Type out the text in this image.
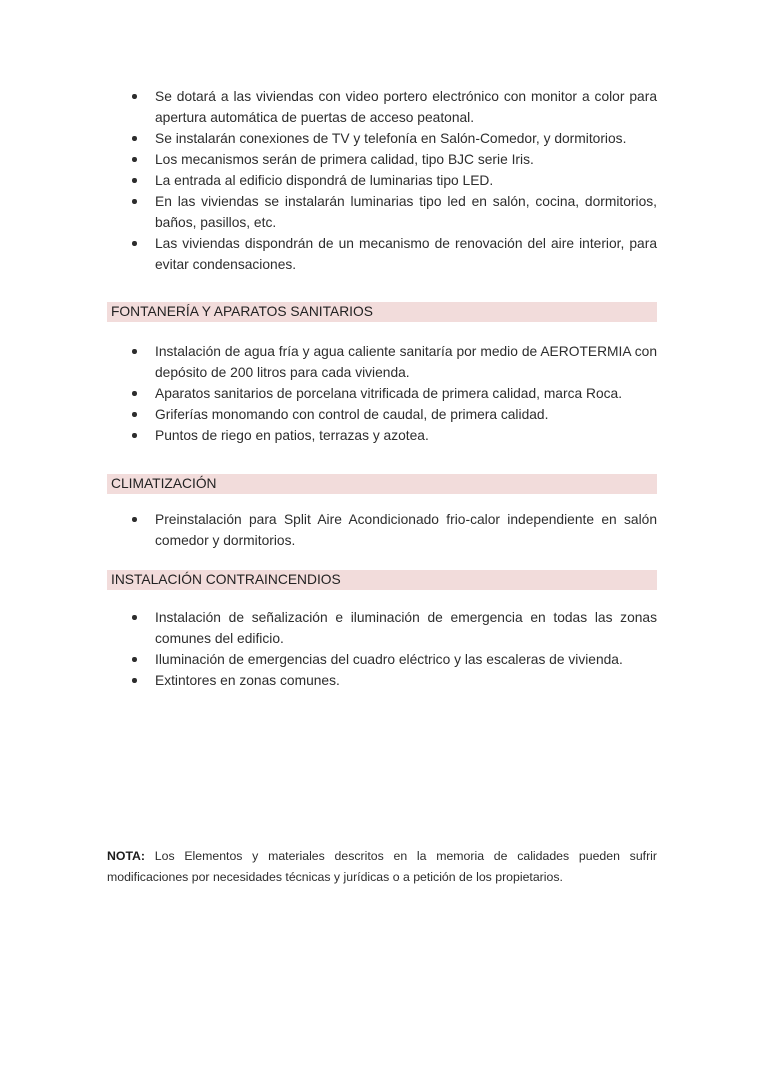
Se dotará a las viviendas con video portero electrónico con monitor a color para apertura automática de puertas de acceso peatonal.
Se instalarán conexiones de TV y telefonía en Salón-Comedor, y dormitorios.
Los mecanismos serán de primera calidad, tipo BJC serie Iris.
La entrada al edificio dispondrá de luminarias tipo LED.
En las viviendas se instalarán luminarias tipo led en salón, cocina, dormitorios, baños, pasillos, etc.
Las viviendas dispondrán de un mecanismo de renovación del aire interior, para evitar condensaciones.
FONTANERÍA Y APARATOS SANITARIOS
Instalación de agua fría y agua caliente sanitaría por medio de AEROTERMIA con depósito de 200 litros para cada vivienda.
Aparatos sanitarios de porcelana vitrificada de primera calidad, marca Roca.
Griferías monomando con control de caudal, de primera calidad.
Puntos de riego en patios, terrazas y azotea.
CLIMATIZACIÓN
Preinstalación para Split Aire Acondicionado frio-calor independiente en salón comedor y dormitorios.
INSTALACIÓN CONTRAINCENDIOS
Instalación de señalización e iluminación de emergencia en todas las zonas comunes del edificio.
Iluminación de emergencias del cuadro eléctrico y las escaleras de vivienda.
Extintores en zonas comunes.

NOTA: Los Elementos y materiales descritos en la memoria de calidades pueden sufrir modificaciones por necesidades técnicas y jurídicas o a petición de los propietarios.
